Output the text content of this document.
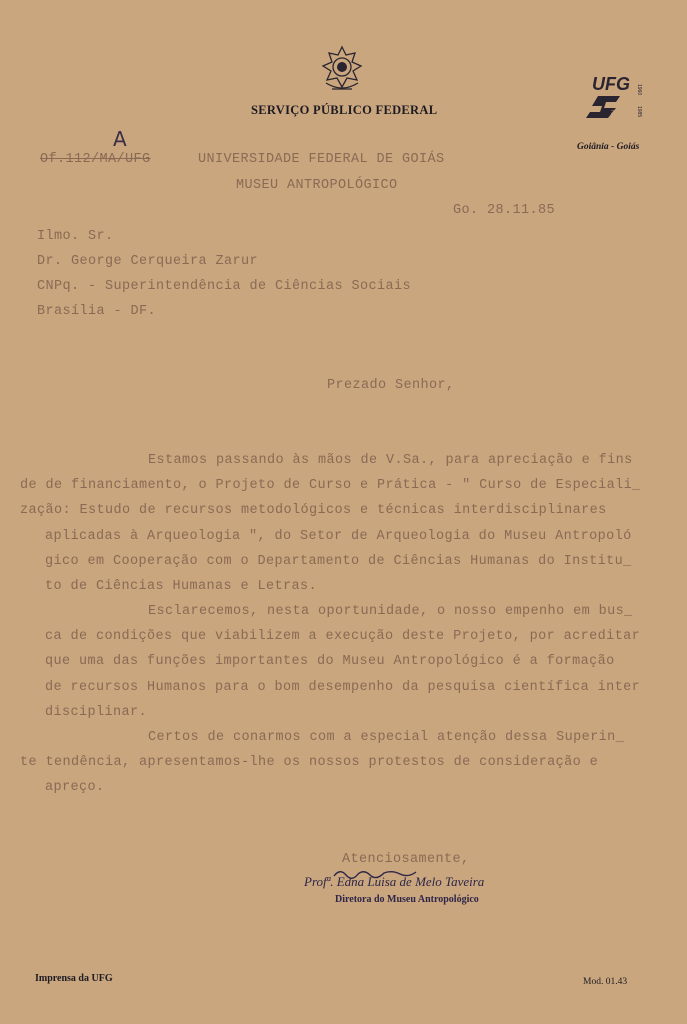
SERVIÇO PÚBLICO FEDERAL
UFG 1960
1985
25 anos
Goiânia - Goiás
A
Of.112/MA/UFG	UNIVERSIDADE FEDERAL DE GOIÁS
MUSEU ANTROPOLÓGICO
Go. 28.11.85
Ilmo. Sr.
Dr. George Cerqueira Zarur
CNPq. - Superintendência de Ciências Sociais
Brasília - DF.
Prezado Senhor,
Estamos passando às mãos de V.Sa., para apreciação e fins
de de financiamento, o Projeto de Curso e Prática - " Curso de Especiali_
zação: Estudo de recursos metodológicos e técnicas interdisciplinares
aplicadas à Arqueologia ", do Setor de Arqueologia do Museu Antropoló
gico em Cooperação com o Departamento de Ciências Humanas do Institu_
to de Ciências Humanas e Letras.
Esclarecemos, nesta oportunidade, o nosso empenho em bus_
ca de condições que viabilizem a execução deste Projeto, por acreditar
que uma das funções importantes do Museu Antropológico é a formação
de recursos Humanos para o bom desempenho da pesquisa científica inter
disciplinar.
Certos de conarmos com a especial atenção dessa Superin_
te tendência, apresentamos-lhe os nossos protestos de consideração e
apreço.
Atenciosamente,
Profª. Edna Luisa de Melo Taveira
Diretora do Museu Antropológico
Imprensa da UFG	Mod. 01.43
